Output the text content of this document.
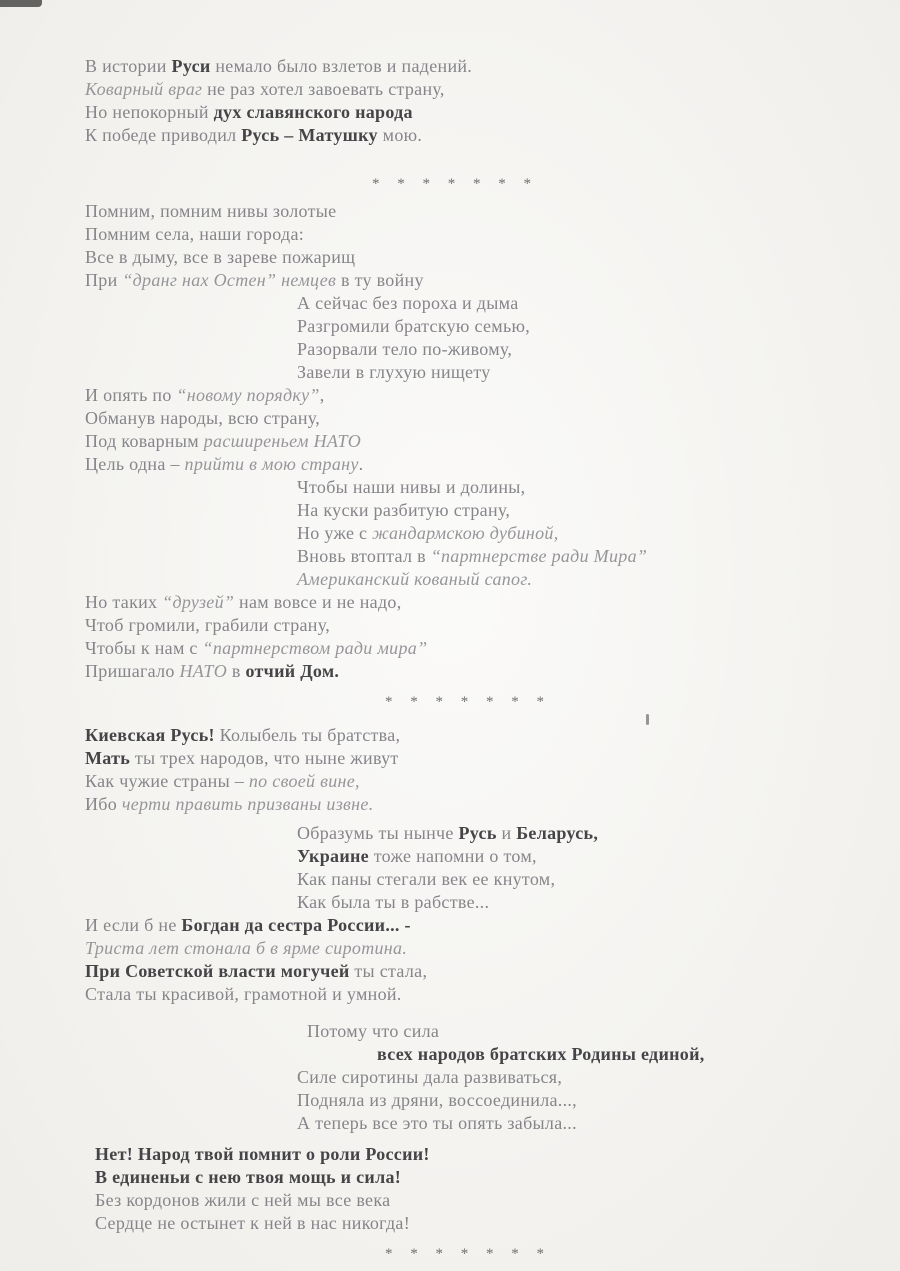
В истории Руси немало было взлетов и падений.
Коварный враг не раз хотел завоевать страну,
Но непокорный дух славянского народа
К победе приводил Русь – Матушку мою.
* * * * * * *
Помним, помним нивы золотые
Помним села, наши города:
Все в дыму, все в зареве пожарищ
При “дранг нах Остен” немцев в ту войну
А сейчас без пороха и дыма
Разгромили братскую семью,
Разорвали тело по-живому,
Завели в глухую нищету
И опять по “новому порядку”,
Обманув народы, всю страну,
Под коварным расширеньем НАТО
Цель одна – прийти в мою страну.
Чтобы наши нивы и долины,
На куски разбитую страну,
Но уже с жандармскою дубиной,
Вновь втоптал в “партнерстве ради Мира”
Американский кованый сапог.
Но таких “друзей” нам вовсе и не надо,
Чтоб громили, грабили страну,
Чтобы к нам с “партнерством ради мира”
Пришагало НАТО в отчий Дом.
* * * * * * *
Киевская Русь! Колыбель ты братства,
Мать ты трех народов, что ныне живут
Как чужие страны – по своей вине,
Ибо черти править призваны извне.
Образумь ты нынче Русь и Беларусь,
Украине тоже напомни о том,
Как паны стегали век ее кнутом,
Как была ты в рабстве...
И если б не Богдан да сестра России... -
Триста лет стонала б в ярме сиротина.
При Советской власти могучей ты стала,
Стала ты красивой, грамотной и умной.
Потому что сила
всех народов братских Родины единой,
Силе сиротины дала развиваться,
Подняла из дряни, воссоединила...,
А теперь все это ты опять забыла...
Нет! Народ твой помнит о роли России!
В единеньи с нею твоя мощь и сила!
Без кордонов жили с ней мы все века
Сердце не остынет к ней в нас никогда!
* * * * * * *
